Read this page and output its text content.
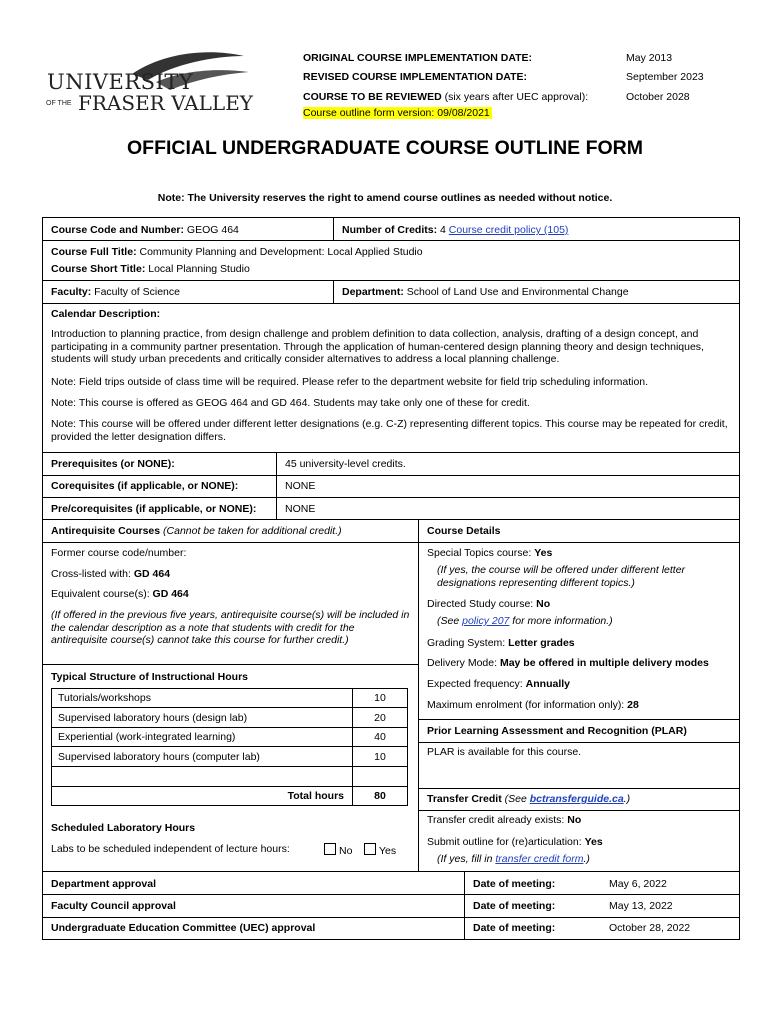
UNIVERSITY
OF THE FRASER VALLEY
ORIGINAL COURSE IMPLEMENTATION DATE:	May 2013
REVISED COURSE IMPLEMENTATION DATE:	September 2023
COURSE TO BE REVIEWED (six years after UEC approval):	October 2028
Course outline form version: 09/08/2021
OFFICIAL UNDERGRADUATE COURSE OUTLINE FORM
Note: The University reserves the right to amend course outlines as needed without notice.
Course Code and Number: GEOG 464	Number of Credits: 4 Course credit policy (105)
Course Full Title: Community Planning and Development: Local Applied Studio
Course Short Title: Local Planning Studio
Faculty: Faculty of Science	Department: School of Land Use and Environmental Change
Calendar Description:
Introduction to planning practice, from design challenge and problem definition to data collection, analysis, drafting of a design concept, and participating in a community partner presentation. Through the application of human-centered design planning theory and design techniques, students will study urban precedents and critically consider alternatives to address a local planning challenge.
Note: Field trips outside of class time will be required. Please refer to the department website for field trip scheduling information.
Note: This course is offered as GEOG 464 and GD 464. Students may take only one of these for credit.
Note: This course will be offered under different letter designations (e.g. C-Z) representing different topics. This course may be repeated for credit, provided the letter designation differs.
Prerequisites (or NONE):	45 university-level credits.
Corequisites (if applicable, or NONE):	NONE
Pre/corequisites (if applicable, or NONE):	NONE
Antirequisite Courses (Cannot be taken for additional credit.)
Former course code/number:
Cross-listed with: GD 464
Equivalent course(s): GD 464
(If offered in the previous five years, antirequisite course(s) will be included in the calendar description as a note that students with credit for the antirequisite course(s) cannot take this course for further credit.)
Typical Structure of Instructional Hours
Tutorials/workshops	10
Supervised laboratory hours (design lab)	20
Experiential (work-integrated learning)	40
Supervised laboratory hours (computer lab)	10
Total hours	80
Scheduled Laboratory Hours
Labs to be scheduled independent of lecture hours:	No	Yes
Course Details
Special Topics course: Yes
(If yes, the course will be offered under different letter designations representing different topics.)
Directed Study course: No
(See policy 207 for more information.)
Grading System: Letter grades
Delivery Mode: May be offered in multiple delivery modes
Expected frequency: Annually
Maximum enrolment (for information only): 28
Prior Learning Assessment and Recognition (PLAR)
PLAR is available for this course.
Transfer Credit (See bctransferguide.ca.)
Transfer credit already exists: No
Submit outline for (re)articulation: Yes
(If yes, fill in transfer credit form.)
Department approval	Date of meeting:	May 6, 2022
Faculty Council approval	Date of meeting:	May 13, 2022
Undergraduate Education Committee (UEC) approval	Date of meeting:	October 28, 2022
